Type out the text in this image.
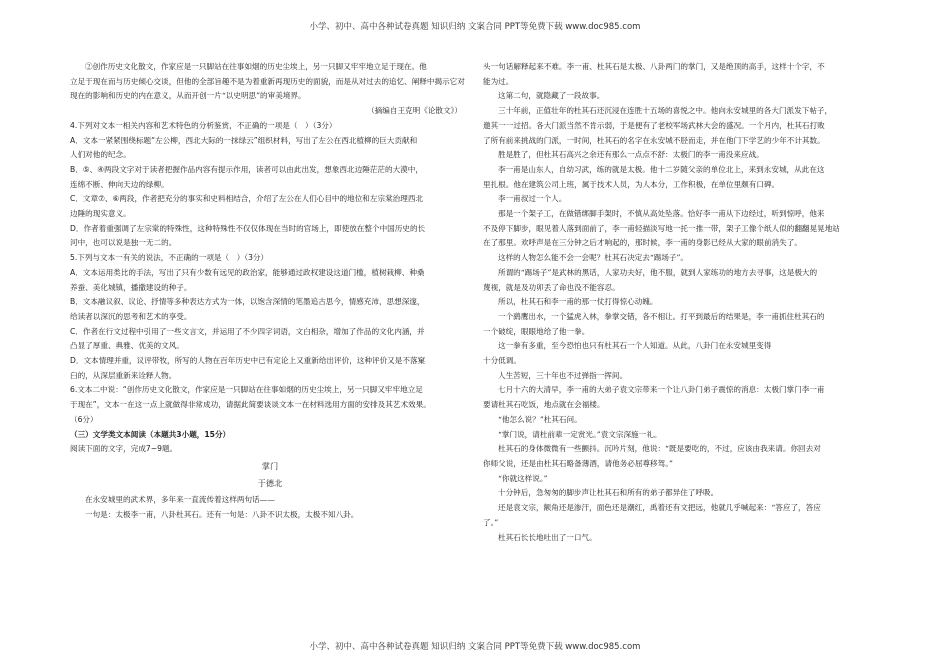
小学、初中、高中各种试卷真题 知识归纳 文案合同 PPT等免费下载 www.doc985.com

②创作历史文化散文，作家应是一只脚站在往事如烟的历史尘埃上，另一只脚又牢牢地立足于现在。他

立足于现在而与历史倾心交谈，但他的全部旨趣不是为着重新再现历史的面貌，而是从对过去的追忆、阐释中揭示它对

现在的影响和历史的内在意义，从而开创一片“以史明思”的审美境界。

（摘编自王克明《论散文》）

4.下列对文本一相关内容和艺术特色的分析鉴赏，不正确的一项是（　）（3分）

A．文本一紧紧围绕标题“左公柳，西北大际的一抹绿云”组织材料，写出了左公在西北植柳的巨大贡献和

人们对他的纪念。

B．⑤、④两段文字对于读者把握作品内容有提示作用，读者可以由此出发，想象西北边陲茫茫的大漠中，

连绵不断、伸向天边的绿柳。

C．文章⑦、⑥两段，作者把充分的事实和史料相结合，介绍了左公在人们心目中的地位和左宗棠治理西北

边陲的现实意义。

D．作者着重强调了左宗棠的特殊性，这种特殊性不仅仅体现在当时的官场上，即使放在整个中国历史的长

河中，也可以说是独一无二的。

5.下列与文本一有关的说法，不正确的一项是（　）（3分）

A．文本运用类比的手法，写出了只有少数有远见的政治家，能够通过政权建设这道门槛，植树栽柳、种桑

养蚕、美化城镇，播撒建设的种子。

B．文本融议叙、议论、抒情等多种表达方式为一体，以饱含深情的笔墨追古思今，情感充沛，思想深邃，

给读者以深沉的思考和艺术的享受。

C．作者在行文过程中引用了一些文言文，并运用了不少四字词语，文白相杂，增加了作品的文化内涵，并

凸显了厚重、典雅、优美的文风。

D．文本情理并重，议评带牧，所写的人物在百年历史中已有定论上又重新给出评价，这种评价又是不落窠

臼的，从深层重新来诠释人物。

6.文本二中说：“创作历史文化散文，作家应是一只脚站在往事如烟的历史尘埃上，另一只脚又牢牢地立足

于现在”，文本一在这一点上就做得非常成功，请据此简要谈谈文本一在材料选用方面的安排及其艺术效果。

（6分）

（三）文学类文本阅读（本题共3小题，15分）

阅读下面的文字，完成7~9题。

掌门

于德北

在永安城里的武术界，多年来一直流传着这样两句话——

一句是：太极李一甫，八卦杜其石。还有一句是：八卦不识太极，太极不知八卦。

头一句话解释起来不难。李一甫、杜其石是太极、八卦两门的掌门，又是绝顶的高手，这样十个字，不

能为过。

这第二句，就隐藏了一段故事。

三十年前，正值壮年的杜其石还沉浸在连胜十五场的喜悦之中。他向永安城里的各大门派发下帖子，

邀其一一过招。各大门派当然不肯示弱，于是便有了老校军场武林大会的盛况。一个月内，杜其石打败

了所有前来挑战的门派，一时间，杜其石的名字在永安城不胫而走，并在他门下学艺的少年不计其数。

胜是胜了，但杜其石高兴之余还有那么一点点不舒：太极门的李一甫没来应战。

李一甫是山东人，自幼习武，练的就是太极。他十二岁随父亲的单位北上，来到永安城，从此在这

里扎根。他在建筑公司上班，属于技术人员，为人本分，工作积极，在单位里颇有口碑。

李一甫叔过一个人。

那是一个架子工，在做错绑脚手架时，不慎从高处坠落。恰好李一甫从下边经过，听到惊呼，他来

不及停下脚步，眼见着人落到面前了，李一甫轻描淡写地一托一推一带，架子工像个纸人似的翻翻晃晃地站

在了那里。欢呼声是在三分钟之后才响起的，那时候，李一甫的身影已经从大家的眼前消失了。

这样的人物怎么能不会一会呢？杜其石决定去“踢场子”。

所谓的“踢场子”是武林的黑话，人家功夫好，他不服，就到人家练功的地方去寻事，这是极大的

蔑视，就是及功卯丢了命也没不能容忍。

所以，杜其石和李一甫的那一仗打得惊心动魄。

一个鹞鹰出水，一个猛虎入林，拳掌交错，各不相让。打平到最后的结果是，李一甫抓住杜其石的

一个破绽，眼眼地给了他一拳。

这一拳有多重，至今恐怕也只有杜其石一个人知道。从此，八卦门在永安城里变得

十分低调。

人生苦短，三十年也不过弹指一挥间。

七月十六的大清早，李一甫的大弟子袁文宗带来一个让八卦门弟子震惊的消息：太极门掌门李一甫

要请杜其石吃饭，地点就在会福楼。

“他怎么说？”杜其石问。

“掌门说，请杜前辈一定赏光。”袁文宗深施一礼。

杜其石的身体微微有一些颤抖。沉吟片刻，他说：“既是要吃的，不过，应该由我来请。你回去对

你师父说，还是由杜其石略备薄酒，请他务必屈尊移驾。”

“你就这样说。”

十分钟后，急匆匆的脚步声让杜其石和所有的弟子都异住了呼吸。

还是袁文宗，额角还是渗汗，面色还是潮红，禹着还有文把远，他就几乎喊起来：“答应了，答应

了。”

杜其石长长地吐出了一口气。

小学、初中、高中各种试卷真题 知识归纳 文案合同 PPT等免费下载 www.doc985.com
